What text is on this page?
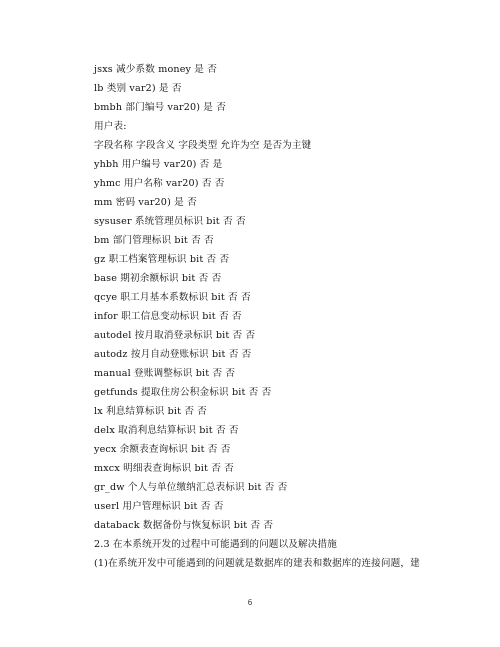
jsxs 减少系数 money 是 否
lb 类别 var2) 是 否
bmbh 部门编号 var20) 是 否
用户表:
字段名称 字段含义 字段类型 允许为空 是否为主键
yhbh 用户编号 var20) 否 是
yhmc 用户名称 var20) 否 否
mm 密码 var20) 是 否
sysuser 系统管理员标识 bit 否 否
bm 部门管理标识 bit 否 否
gz 职工档案管理标识 bit 否 否
base 期初余额标识 bit 否 否
qcye 职工月基本系数标识 bit 否 否
infor 职工信息变动标识 bit 否 否
autodel 按月取消登录标识 bit 否 否
autodz 按月自动登账标识 bit 否 否
manual 登账调整标识 bit 否 否
getfunds 提取住房公积金标识 bit 否 否
lx 利息结算标识 bit 否 否
delx 取消利息结算标识 bit 否 否
yecx 余额表查询标识 bit 否 否
mxcx 明细表查询标识 bit 否 否
gr_dw 个人与单位缴纳汇总表标识 bit 否 否
userl 用户管理标识 bit 否 否
databack 数据备份与恢复标识 bit 否 否
2.3 在本系统开发的过程中可能遇到的问题以及解决措施
(1)在系统开发中可能遇到的问题就是数据库的建表和数据库的连接问题，建
6
